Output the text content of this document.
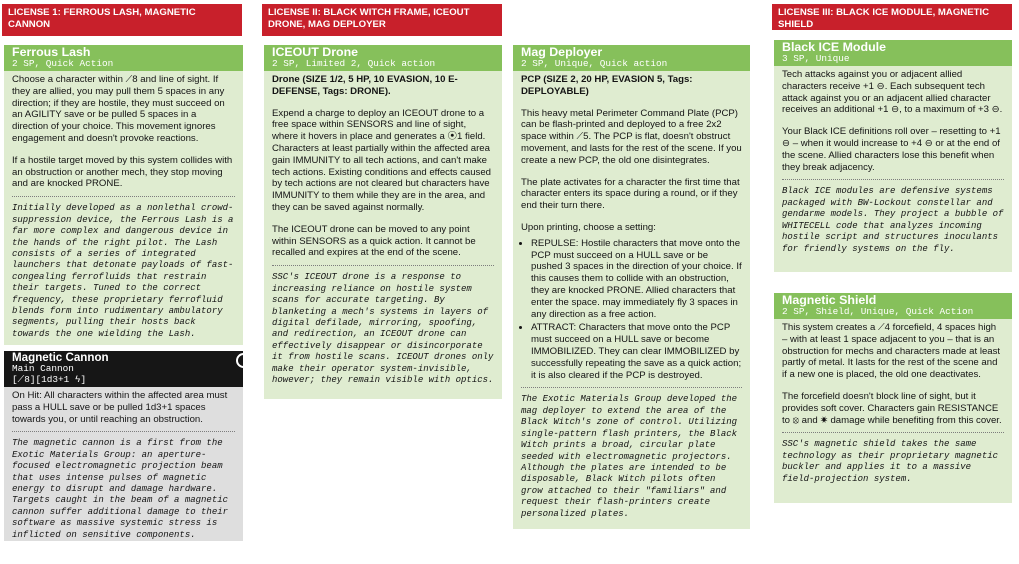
LICENSE 1: FERROUS LASH, MAGNETIC CANNON
LICENSE II: BLACK WITCH FRAME, ICEOUT DRONE, MAG DEPLOYER
LICENSE III: BLACK ICE MODULE, MAGNETIC SHIELD
Ferrous Lash
2 SP, Quick Action

Choose a character within ⟋8 and line of sight. If they are allied, you may pull them 5 spaces in any direction; if they are hostile, they must succeed on an AGILITY save or be pulled 5 spaces in a direction of your choice. This movement ignores engagement and doesn't provoke reactions.

If a hostile target moved by this system collides with an obstruction or another mech, they stop moving and are knocked PRONE.

Initially developed as a nonlethal crowd-suppression device, the Ferrous Lash is a far more complex and dangerous device in the hands of the right pilot. The Lash consists of a series of integrated launchers that detonate payloads of fast-congealing ferrofluids that restrain their targets. Tuned to the correct frequency, these proprietary ferrofluid blends form into rudimentary ambulatory segments, pulling their hosts back towards the one wielding the Lash.
Magnetic Cannon
Main Cannon
[⟋8][1d3+1 ϟ]

On Hit: All characters within the affected area must pass a HULL save or be pulled 1d3+1 spaces towards you, or until reaching an obstruction.

The magnetic cannon is a first from the Exotic Materials Group: an aperture-focused electromagnetic projection beam that uses intense pulses of magnetic energy to disrupt and damage hardware. Targets caught in the beam of a magnetic cannon suffer additional damage to their software as massive systemic stress is inflicted on sensitive components.
ICEOUT Drone
2 SP, Limited 2, Quick action

Drone (SIZE 1/2, 5 HP, 10 EVASION, 10 E-DEFENSE, Tags: DRONE).

Expend a charge to deploy an ICEOUT drone to a free space within SENSORS and line of sight, where it hovers in place and generates a ⦿1 field. Characters at least partially within the affected area gain IMMUNITY to all tech actions, and can't make tech actions. Existing conditions and effects caused by tech actions are not cleared but characters have IMMUNITY to them while they are in the area, and they can be saved against normally.

The ICEOUT drone can be moved to any point within SENSORS as a quick action. It cannot be recalled and expires at the end of the scene.

SSC's ICEOUT drone is a response to increasing reliance on hostile system scans for accurate targeting. By blanketing a mech's systems in layers of digital defilade, mirroring, spoofing, and redirection, an ICEOUT drone can effectively disappear or disincorporate it from hostile scans. ICEOUT drones only make their operator system-invisible, however; they remain visible with optics.
Mag Deployer
2 SP, Unique, Quick action

PCP (SIZE 2, 20 HP, EVASION 5, Tags: DEPLOYABLE)

This heavy metal Perimeter Command Plate (PCP) can be flash-printed and deployed to a free 2x2 space within ⟋5. The PCP is flat, doesn't obstruct movement, and lasts for the rest of the scene. If you create a new PCP, the old one disintegrates.

The plate activates for a character the first time that character enters its space during a round, or if they end their turn there.

Upon printing, choose a setting:

• REPULSE: Hostile characters that move onto the PCP must succeed on a HULL save or be pushed 3 spaces in the direction of your choice. If this causes them to collide with an obstruction, they are knocked PRONE. Allied characters that enter the space. may immediately fly 3 spaces in any direction as a free action.
• ATTRACT: Characters that move onto the PCP must succeed on a HULL save or become IMMOBILIZED. They can clear IMMOBILIZED by successfully repeating the save as a quick action; it is also cleared if the PCP is destroyed.
The Exotic Materials Group developed the mag deployer to extend the area of the Black Witch's zone of control. Utilizing single-pattern flash printers, the Black Witch prints a broad, circular plate seeded with electromagnetic projectors. Although the plates are intended to be disposable, Black Witch pilots often grow attached to their "familiars" and request their flash-printers create personalized plates.
Black ICE Module
3 SP, Unique

Tech attacks against you or adjacent allied characters receive +1 ⊖. Each subsequent tech attack against you or an adjacent allied character receives an additional +1 ⊖, to a maximum of +3 ⊖.

Your Black ICE definitions roll over – resetting to +1 ⊖ – when it would increase to +4 ⊖ or at the end of the scene. Allied characters lose this benefit when they break adjacency.

Black ICE modules are defensive systems packaged with BW-Lockout constellar and gendarme models. They project a bubble of WHITECELL code that analyzes incoming hostile script and structures inoculants for friendly systems on the fly.
Magnetic Shield
2 SP, Shield, Unique, Quick Action

This system creates a ⟋4 forcefield, 4 spaces high – with at least 1 space adjacent to you – that is an obstruction for mechs and characters made at least partly of metal. It lasts for the rest of the scene and if a new one is placed, the old one deactivates.

The forcefield doesn't block line of sight, but it provides soft cover. Characters gain RESISTANCE to ⦻ and ✷ damage while benefiting from this cover.

SSC's magnetic shield takes the same technology as their proprietary magnetic buckler and applies it to a massive field-projection system.
